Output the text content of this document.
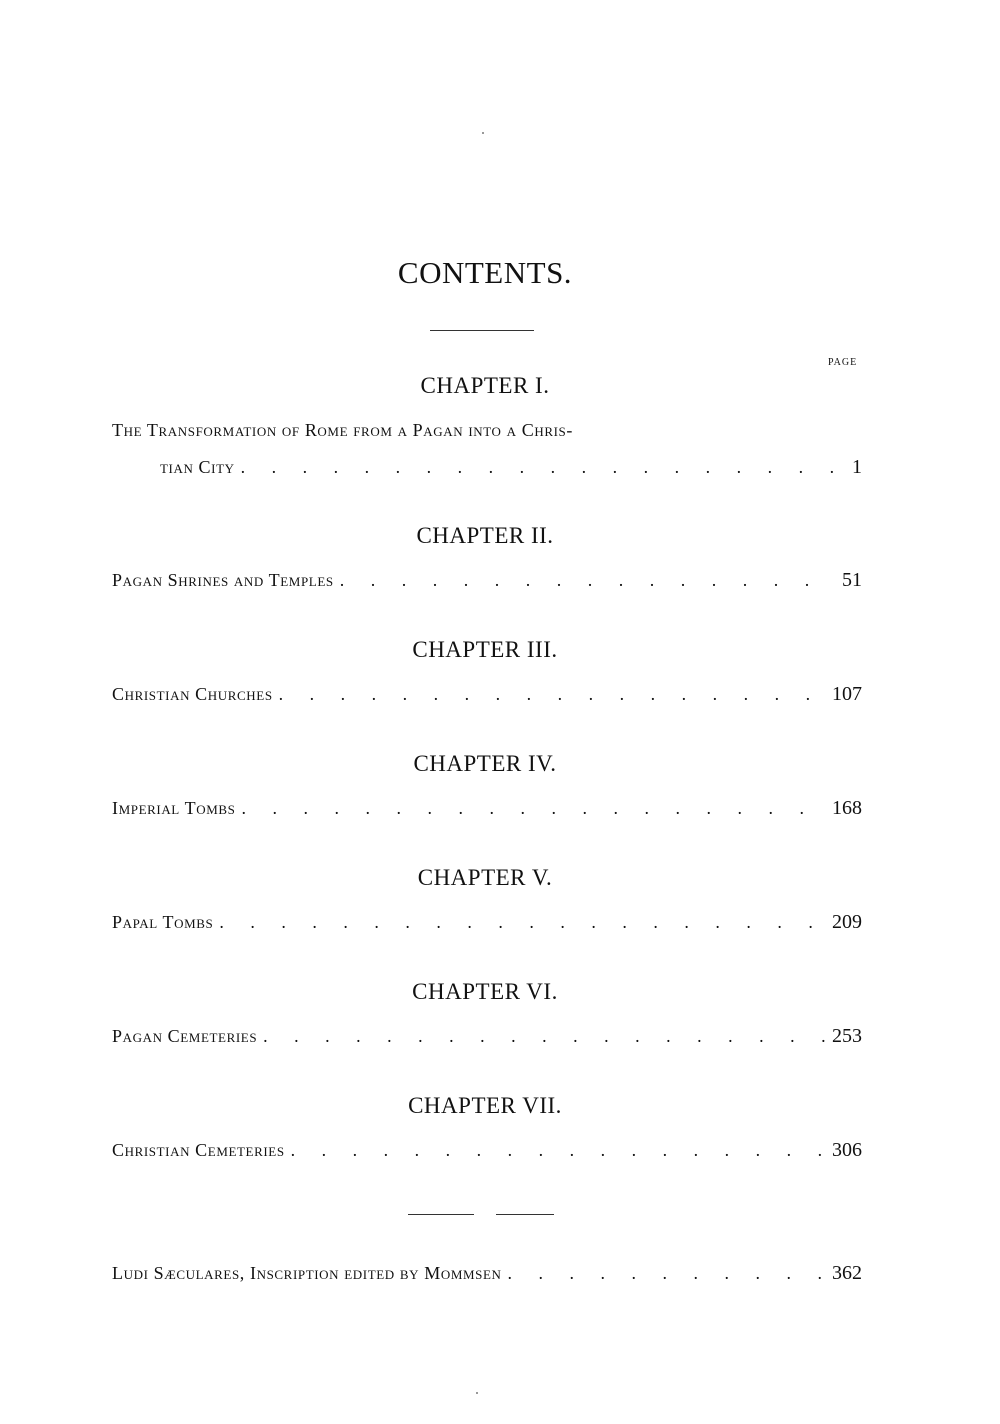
CONTENTS.
PAGE
CHAPTER I.
The Transformation of Rome from a Pagan into a Chris-
tian City . . .	1
CHAPTER II.
Pagan Shrines and Temples . . .	51
CHAPTER III.
Christian Churches . . .	107
CHAPTER IV.
Imperial Tombs . . .	168
CHAPTER V.
Papal Tombs . . .	209
CHAPTER VI.
Pagan Cemeteries . . .	253
CHAPTER VII.
Christian Cemeteries . . .	306
Ludi Sæculares, Inscription edited by Mommsen . . .	362
